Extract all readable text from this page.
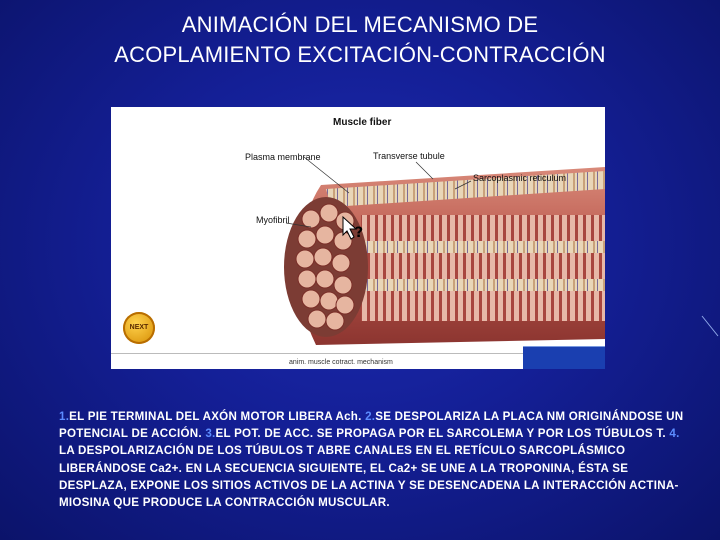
ANIMACIÓN DEL MECANISMO DE
ACOPLAMIENTO EXCITACIÓN-CONTRACCIÓN
?
Muscle fiber
Plasma membrane	Transverse tubule
Sarcoplasmic reticulum
Myofibril
NEXT
anim. muscle cotract. mechanism
1.EL PIE TERMINAL DEL AXÓN MOTOR LIBERA Ach. 2.SE DESPOLARIZA LA PLACA NM ORIGINÁNDOSE UN POTENCIAL DE ACCIÓN. 3.EL POT. DE ACC. SE PROPAGA POR EL SARCOLEMA Y POR LOS TÚBULOS T. 4. LA DESPOLARIZACIÓN DE LOS TÚBULOS T ABRE CANALES EN EL RETÍCULO SARCOPLÁSMICO LIBERÁNDOSE Ca2+. EN LA SECUENCIA SIGUIENTE, EL Ca2+ SE UNE A LA TROPONINA, ÉSTA SE DESPLAZA, EXPONE LOS SITIOS ACTIVOS DE LA ACTINA Y SE DESENCADENA LA INTERACCIÓN ACTINA-MIOSINA QUE PRODUCE LA CONTRACCIÓN MUSCULAR.
